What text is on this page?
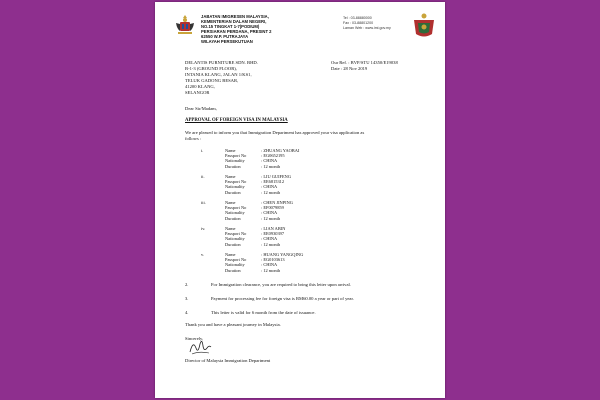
JABATAN IMIGRESEN MALAYSIA,
KEMENTERIAN DALAM NEGERI,
NO.15 TINGKAT 1-7(PODIUM)
PERSIARAN PERDANA, PRESINT 2
62550 W.P. PUTRAJAYA
WILAYAH PERSEKUTUAN
Tel : 03-88880000
Fax : 03-88801200
Laman Web : www.imi.gov.my
DELANTIS FURNITURE SDN. BHD.
B-1-3 (GROUND FLOOR),
INTANIA KLANG, JALAN 1/KS1,
TELUK GADONG BESAR,
41200 KLANG,
SELANGOR
Our Ref. : BVP/STU 14350/E19038
Date : 28 Nov 2019
Dear Sir/Madam,
APPROVAL OF FOREIGN VISA IN MALAYSIA
We are pleased to inform you that Immigration Department has approved your visa application as
follows :
i.	Name	: ZHUANG YAOBAI
Passport No	: EG0652195
Nationality	: CHINA
Duration	: 12 month
ii.	Name	: LIU GUIFENG
Passport No	: EE6815312
Nationality	: CHINA
Duration	: 12 month
iii.	Name	: CHEN JINPING
Passport No	: EF0079859
Nationality	: CHINA
Duration	: 12 month
iv.	Name	: LIAN ABIN
Passport No	: EE0930397
Nationality	: CHINA
Duration	: 12 month
v.	Name	: HUANG YANGQING
Passport No	: EG0103613
Nationality	: CHINA
Duration	: 12 month
2.	For Immigration clearance, you are required to bring this letter upon arrival.
3.	Payment for processing fee for foreign visa is RM60.00 a year or part of year.
4.	This letter is valid for 6 month from the date of issuance.
Thank you and have a pleasant journey in Malaysia.
Sincerely,
Director of Malaysia Immigration Department
